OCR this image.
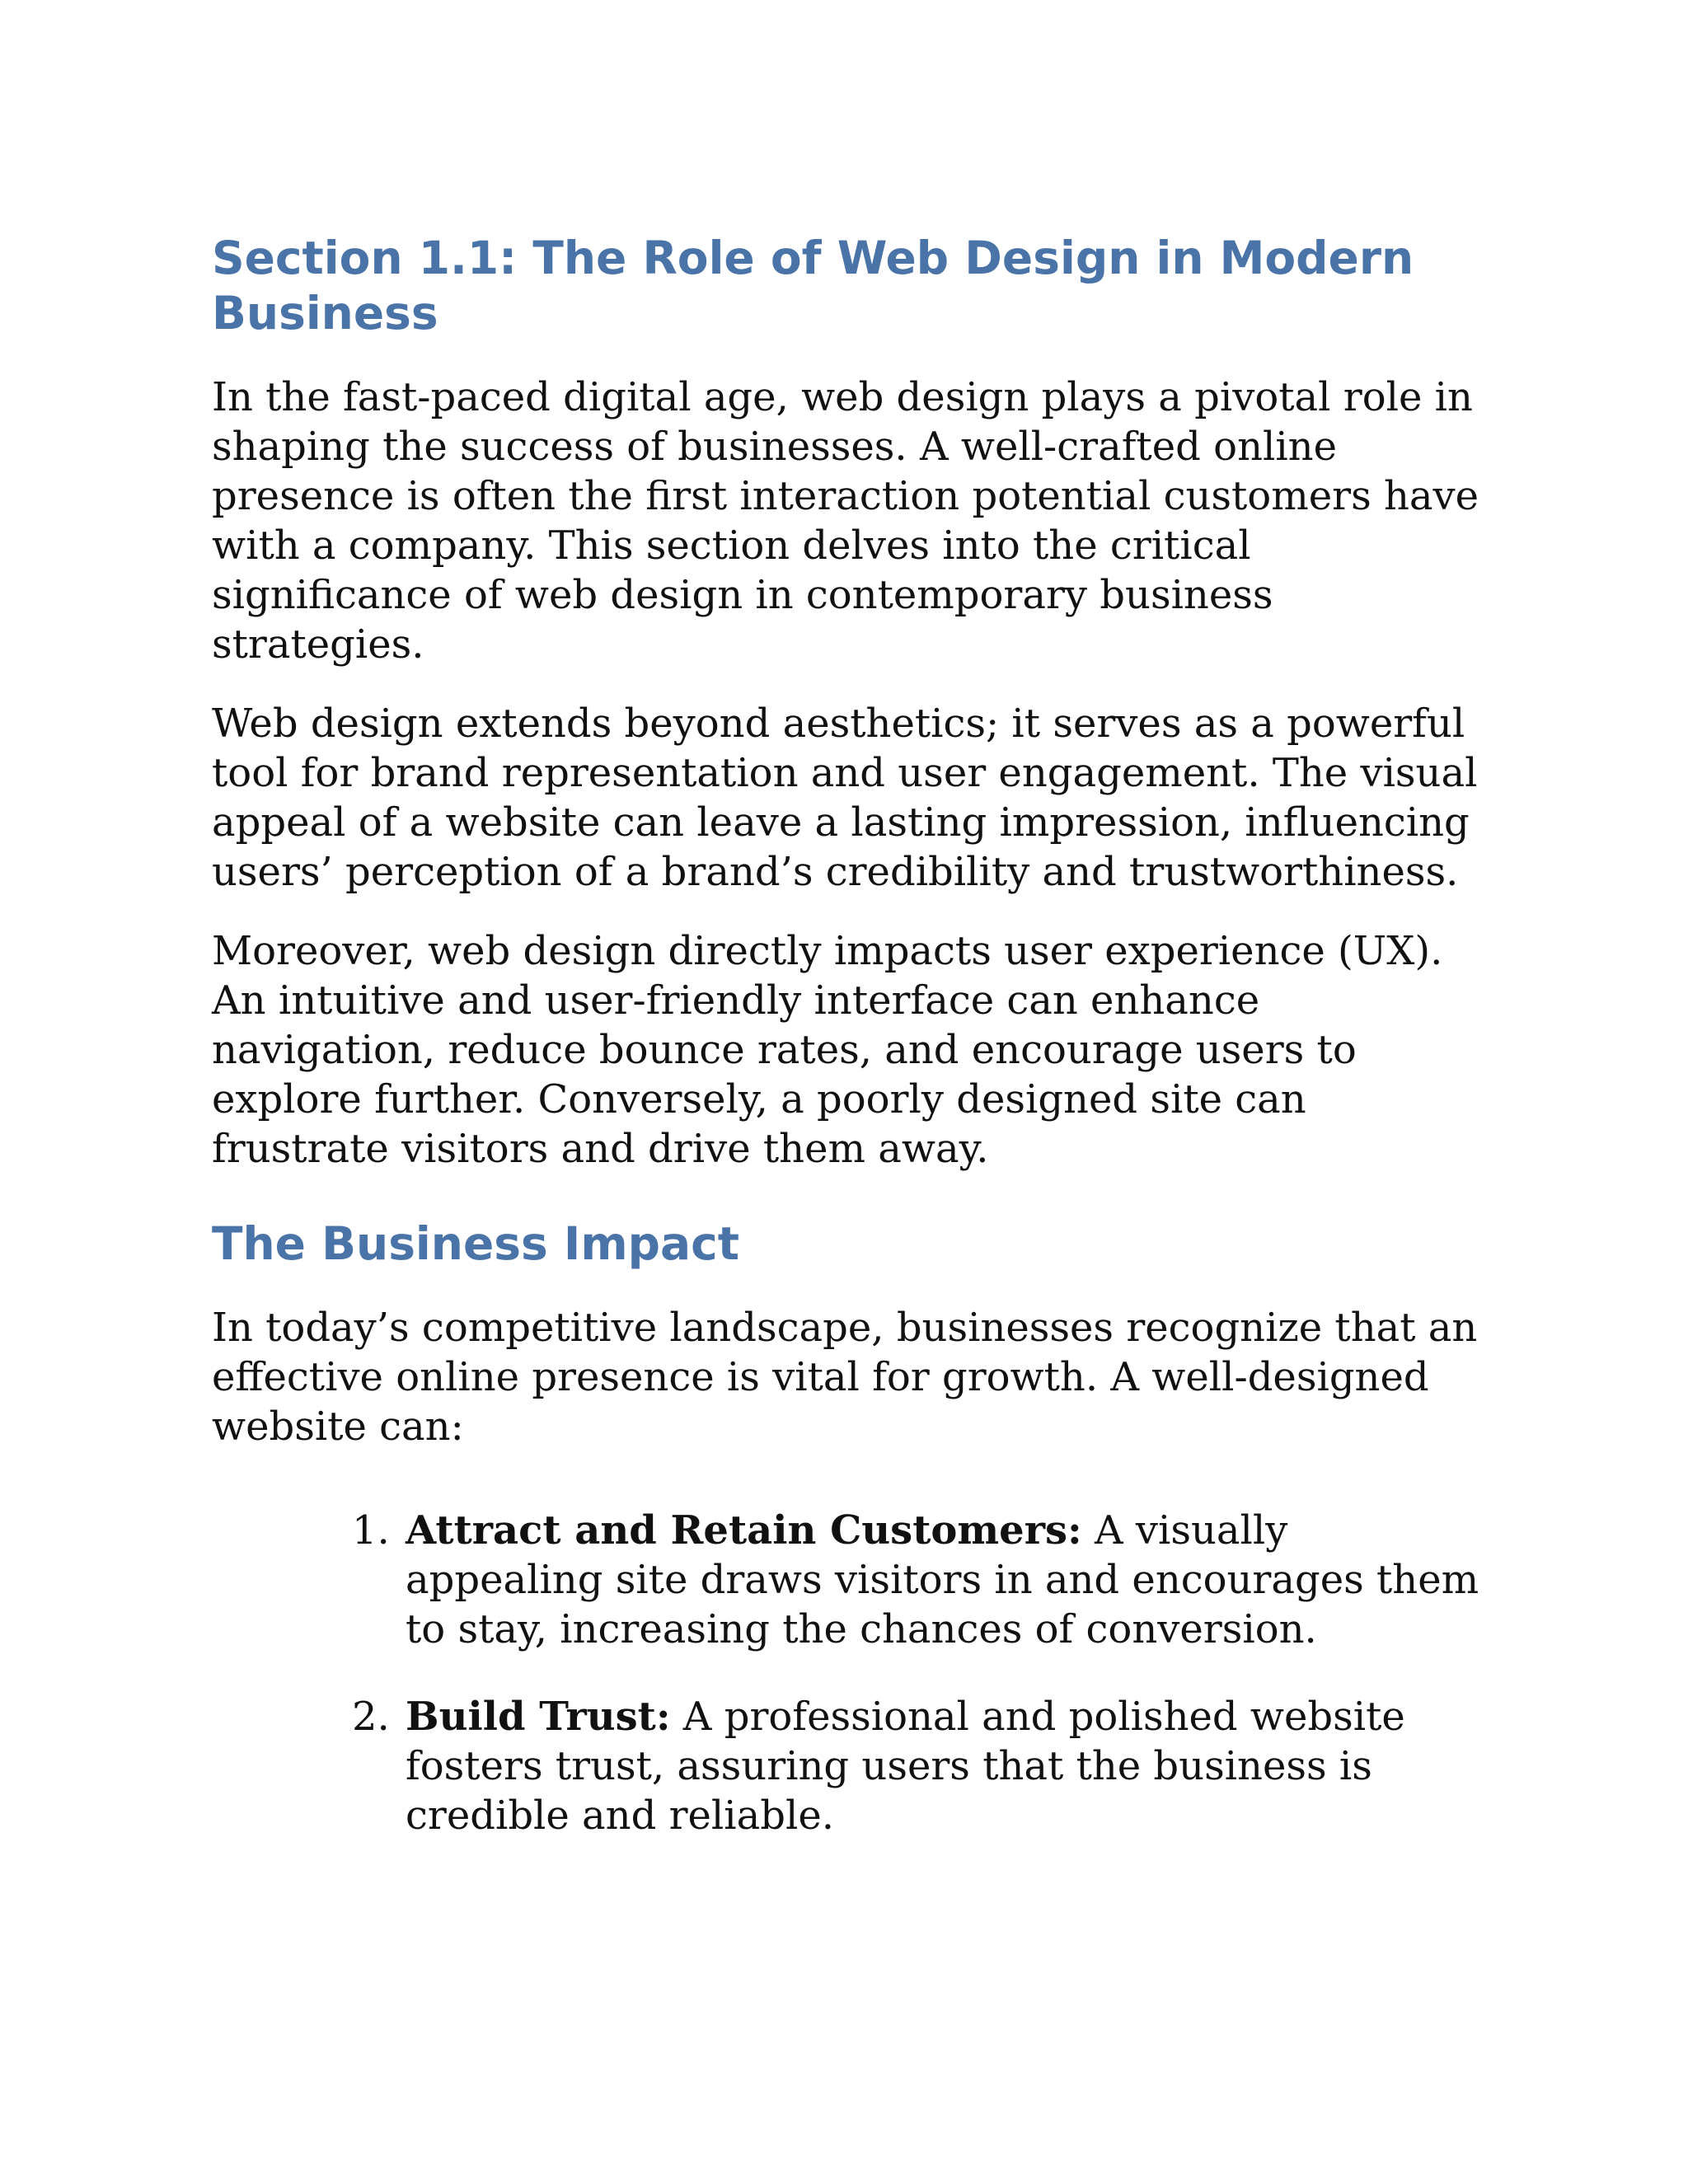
Section 1.1: The Role of Web Design in Modern Business

In the fast-paced digital age, web design plays a pivotal role in shaping the success of businesses. A well-crafted online presence is often the first interaction potential customers have with a company. This section delves into the critical significance of web design in contemporary business strategies.

Web design extends beyond aesthetics; it serves as a powerful tool for brand representation and user engagement. The visual appeal of a website can leave a lasting impression, influencing users’ perception of a brand’s credibility and trustworthiness.

Moreover, web design directly impacts user experience (UX). An intuitive and user-friendly interface can enhance navigation, reduce bounce rates, and encourage users to explore further. Conversely, a poorly designed site can frustrate visitors and drive them away.

The Business Impact

In today’s competitive landscape, businesses recognize that an effective online presence is vital for growth. A well-designed website can:

1. Attract and Retain Customers: A visually appealing site draws visitors in and encourages them to stay, increasing the chances of conversion.
2. Build Trust: A professional and polished website fosters trust, assuring users that the business is credible and reliable.
